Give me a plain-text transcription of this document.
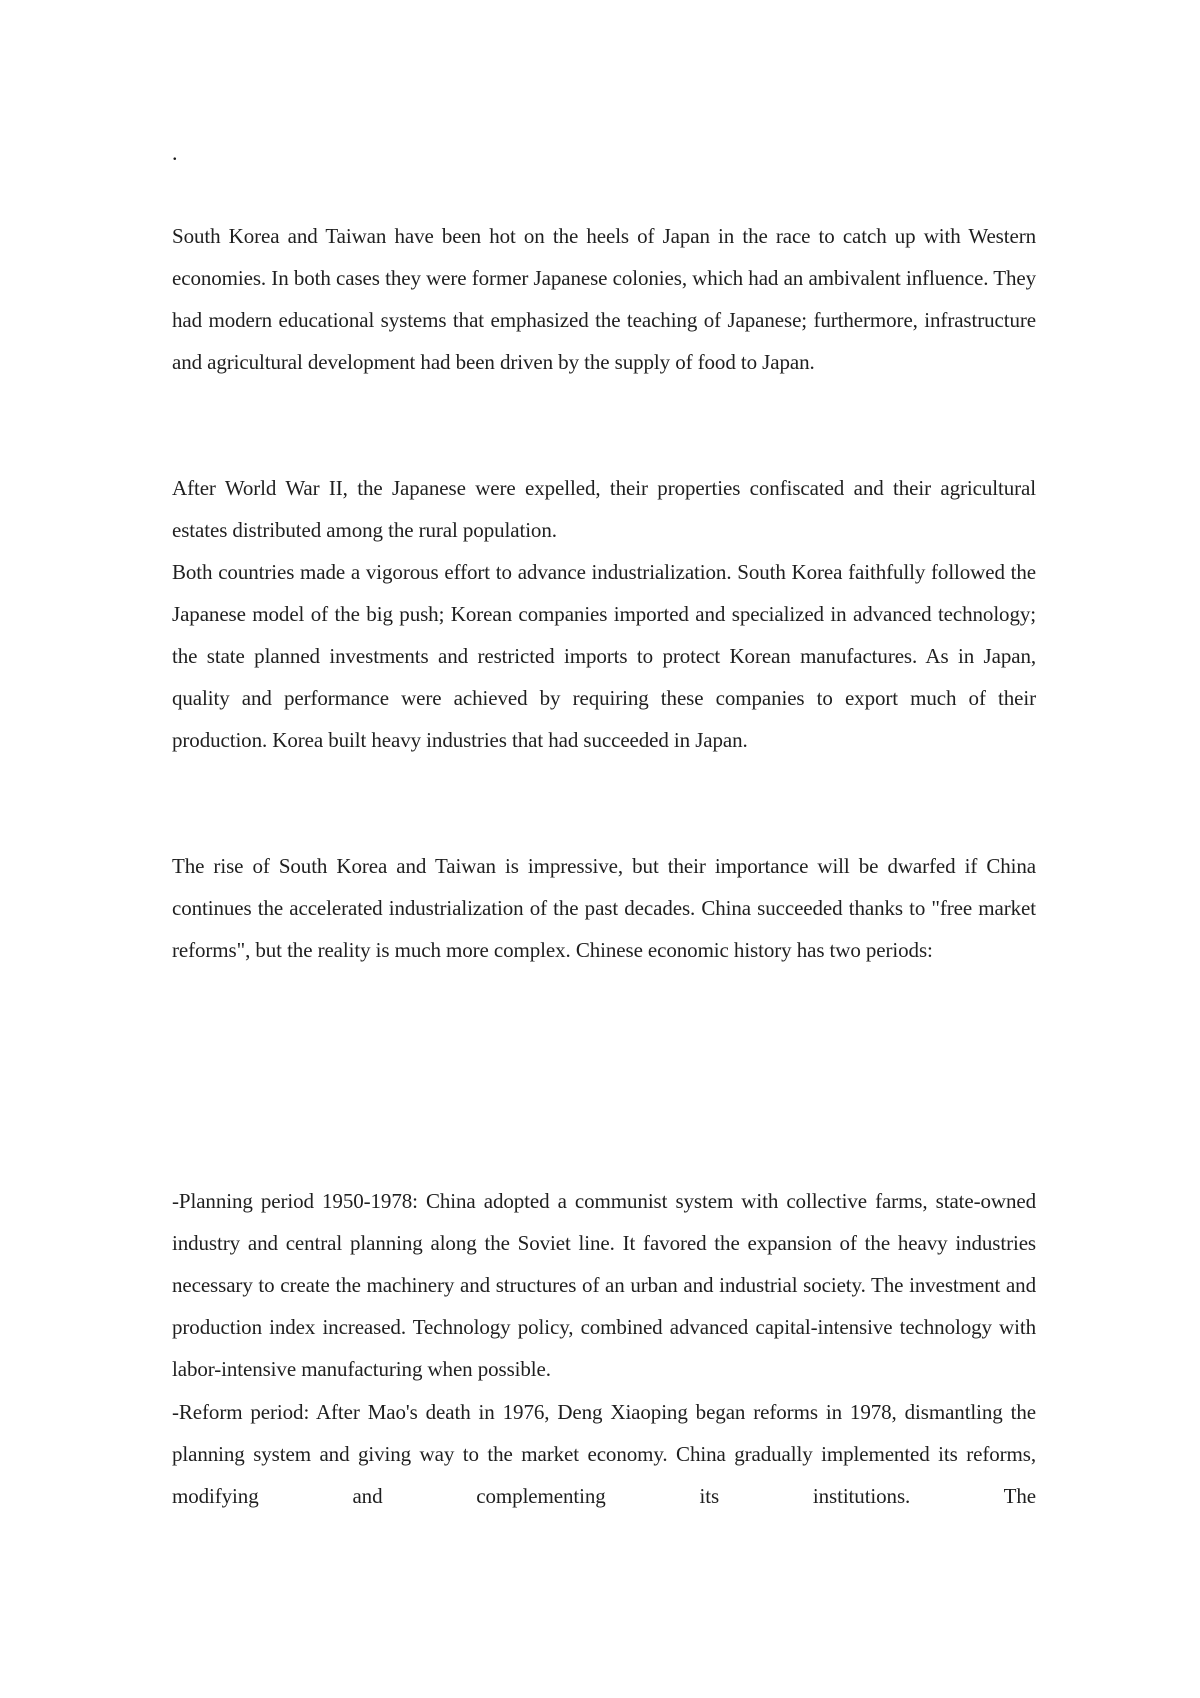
.

South Korea and Taiwan have been hot on the heels of Japan in the race to catch up with Western economies. In both cases they were former Japanese colonies, which had an ambivalent influence. They had modern educational systems that emphasized the teaching of Japanese; furthermore, infrastructure and agricultural development had been driven by the supply of food to Japan.

After World War II, the Japanese were expelled, their properties confiscated and their agricultural estates distributed among the rural population.

Both countries made a vigorous effort to advance industrialization. South Korea faithfully followed the Japanese model of the big push; Korean companies imported and specialized in advanced technology; the state planned investments and restricted imports to protect Korean manufactures. As in Japan, quality and performance were achieved by requiring these companies to export much of their production. Korea built heavy industries that had succeeded in Japan.

The rise of South Korea and Taiwan is impressive, but their importance will be dwarfed if China continues the accelerated industrialization of the past decades. China succeeded thanks to "free market reforms", but the reality is much more complex. Chinese economic history has two periods:

-Planning period 1950-1978: China adopted a communist system with collective farms, state-owned industry and central planning along the Soviet line. It favored the expansion of the heavy industries necessary to create the machinery and structures of an urban and industrial society. The investment and production index increased. Technology policy, combined advanced capital-intensive technology with labor-intensive manufacturing when possible.

-Reform period: After Mao's death in 1976, Deng Xiaoping began reforms in 1978, dismantling the planning system and giving way to the market economy. China gradually implemented its reforms, modifying and complementing its institutions. The
